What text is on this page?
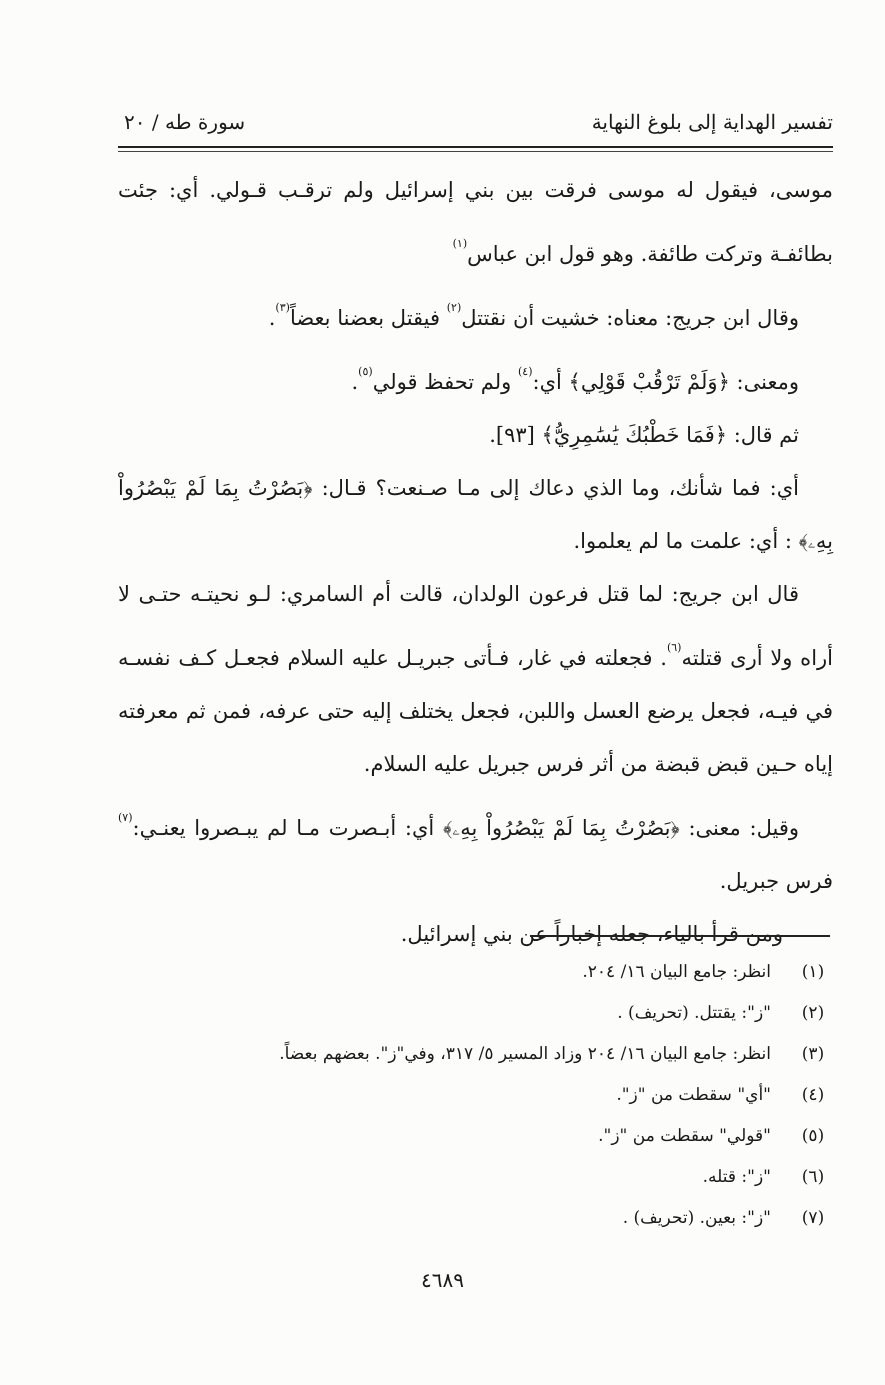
تفسير الهداية إلى بلوغ النهاية
سورة طه / ٢٠

موسى، فيقول له موسى فرقت بين بني إسرائيل ولم ترقـب قـولي. أي: جئت بطائفـة وتركت طائفة. وهو قول ابن عباس$^{(١)}$

وقال ابن جريج: معناه: خشيت أن نقتتل$^{(٢)}$ فيقتل بعضنا بعضاً$^{(٣)}$.

ومعنى: ﴿وَلَمْ تَرْقُبْ قَوْلِي﴾ أي:$^{(٤)}$ ولم تحفظ قولي$^{(٥)}$.

ثم قال: ﴿فَمَا خَطْبُكَ يَٰسَٰمِرِيُّ﴾ [٩٣].

أي: فما شأنك، وما الذي دعاك إلى مـا صـنعت؟ قـال: ﴿بَصُرْتُ بِمَا لَمْ يَبْصُرُواْ بِهِۦ﴾ : أي: علمت ما لم يعلموا.

قال ابن جريج: لما قتل فرعون الولدان، قالت أم السامري: لـو نحيتـه حتـى لا أراه ولا أرى قتلته$^{(٦)}$. فجعلته في غار، فـأتى جبريـل عليه السلام فجعـل كـف نفسـه في فيـه، فجعل يرضع العسل واللبن، فجعل يختلف إليه حتى عرفه، فمن ثم معرفته إياه حـين قبض قبضة من أثر فرس جبريل عليه السلام.

وقيل: معنى: ﴿بَصُرْتُ بِمَا لَمْ يَبْصُرُواْ بِهِۦ﴾ أي: أبـصرت مـا لم يبـصروا يعنـي:$^{(٧)}$ فرس جبريل.

ومن قرأ بالياء، جعله إخباراً عن بني إسرائيل.

(١)
انظر: جامع البيان ١٦/ ٢٠٤.
(٢)
"ز": يقتتل. (تحريف) .
(٣)
انظر: جامع البيان ١٦/ ٢٠٤ وزاد المسير ٥/ ٣١٧، وفي"ز". بعضهم بعضاً.
(٤)
"أي" سقطت من "ز".
(٥)
"قولي" سقطت من "ز".
(٦)
"ز": قتله.
(٧)
"ز": بعين. (تحريف) .
٤٦٨٩
